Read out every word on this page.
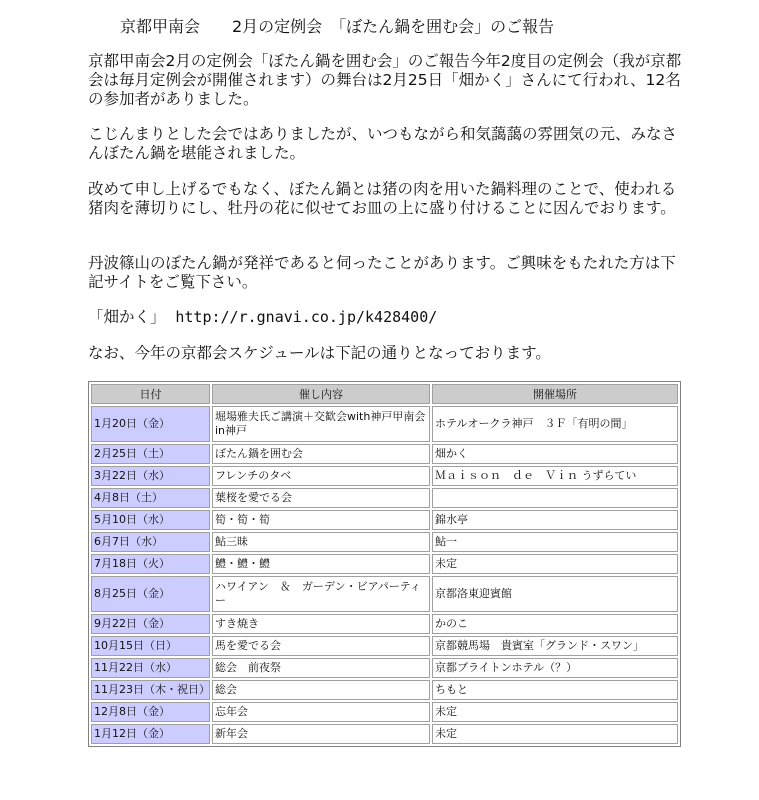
京都甲南会　　2月の定例会　「ぼたん鍋を囲む会」のご報告

京都甲南会2月の定例会「ぼたん鍋を囲む会」のご報告今年2度目の定例会（我が京都会は毎月定例会が開催されます）の舞台は2月25日「畑かく」さんにて行われ、12名の参加者がありました。

こじんまりとした会ではありましたが、いつもながら和気藹藹の雰囲気の元、みなさんぼたん鍋を堪能されました。

改めて申し上げるでもなく、ぼたん鍋とは猪の肉を用いた鍋料理のことで、使われる猪肉を薄切りにし、牡丹の花に似せてお皿の上に盛り付けることに因んでおります。

丹波篠山のぼたん鍋が発祥であると伺ったことがあります。ご興味をもたれた方は下記サイトをご覧下さい。

「畑かく」 http://r.gnavi.co.jp/k428400/

なお、今年の京都会スケジュールは下記の通りとなっております。

日付	催し内容	開催場所
1月20日（金）	堀場雅夫氏ご講演＋交歓会with神戸甲南会in神戸	ホテルオークラ神戸　３Ｆ「有明の間」
2月25日（土）	ぼたん鍋を囲む会	畑かく
3月22日（水）	フレンチのタベ	Ｍａｉｓｏｎ　ｄｅ　Ｖｉｎ うずらてい
4月8日（土）	葉桜を愛でる会	
5月10日（水）	筍・筍・筍	錦水亭
6月7日（水）	鮎三昧	鮎一
7月18日（火）	鱧・鱧・鱧	未定
8月25日（金）	ハワイアン　＆　ガーデン・ビアパーティー	京都洛東迎賓館
9月22日（金）	すき焼き	かのこ
10月15日（日）	馬を愛でる会	京都競馬場　貴賓室「グランド・スワン」
11月22日（水）	総会　前夜祭	京都ブライトンホテル（？）
11月23日（木・祝日）	総会	ちもと
12月8日（金）	忘年会	未定
1月12日（金）	新年会	未定
